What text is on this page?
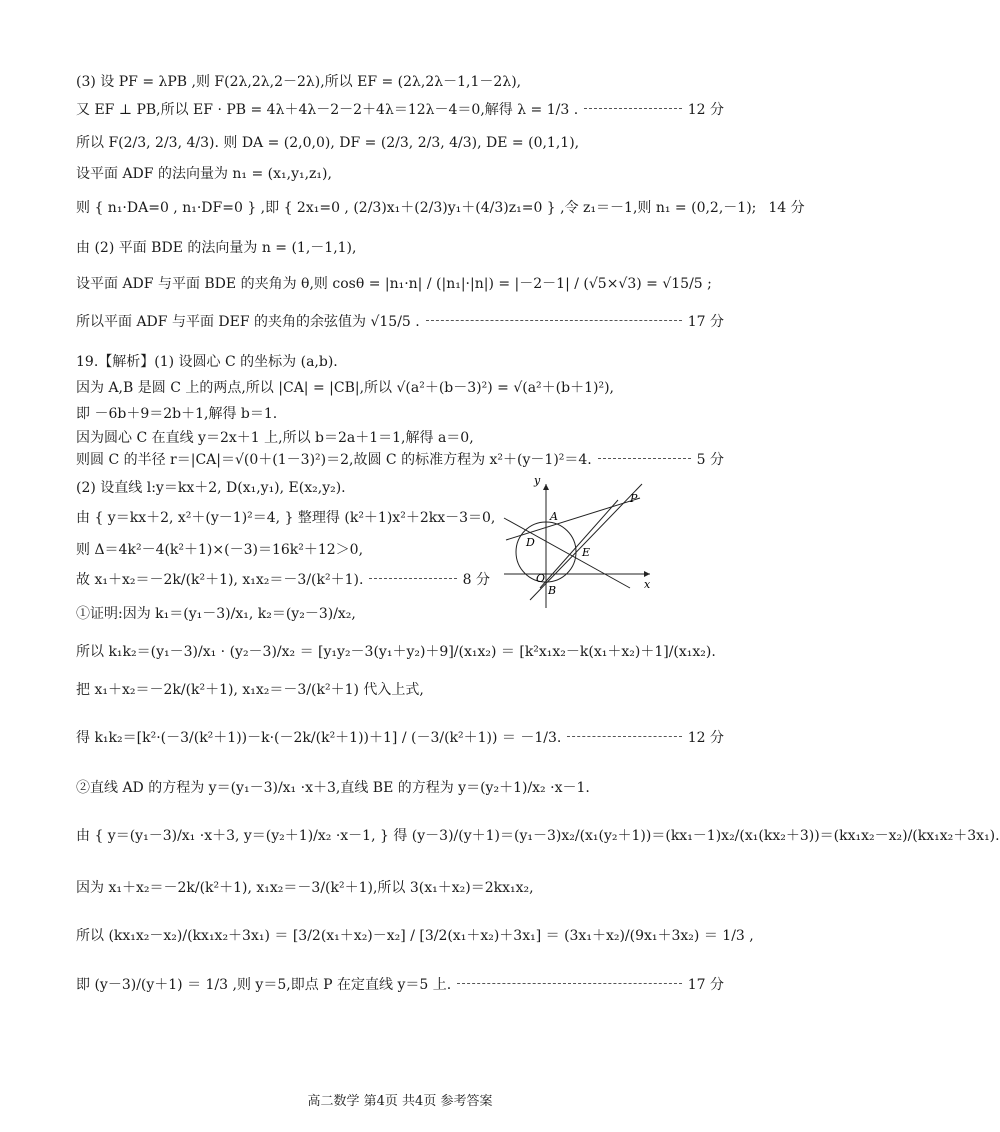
(3) 设 PF = λPB ,则 F(2λ,2λ,2－2λ),所以 EF = (2λ,2λ－1,1－2λ),
又 EF ⊥ PB,所以 EF · PB = 4λ＋4λ－2－2＋4λ＝12λ－4＝0,解得 λ = 1/3 .	12 分
所以 F(2/3, 2/3, 4/3). 则 DA = (2,0,0), DF = (2/3, 2/3, 4/3), DE = (0,1,1),
设平面 ADF 的法向量为 n₁ = (x₁,y₁,z₁),
则 { n₁·DA=0 , n₁·DF=0 } ,即 { 2x₁=0 , (2/3)x₁＋(2/3)y₁＋(4/3)z₁=0 } ,令 z₁＝－1,则 n₁ = (0,2,－1); 14 分
由 (2) 平面 BDE 的法向量为 n = (1,－1,1),
设平面 ADF 与平面 BDE 的夹角为 θ,则 cosθ = |n₁·n| / (|n₁|·|n|) = |－2－1| / (√5×√3) = √15/5 ;
所以平面 ADF 与平面 DEF 的夹角的余弦值为 √15/5 .	17 分
19.【解析】(1) 设圆心 C 的坐标为 (a,b).
因为 A,B 是圆 C 上的两点,所以 |CA| = |CB|,所以 √(a²＋(b－3)²) = √(a²＋(b＋1)²),
即 －6b＋9＝2b＋1,解得 b＝1.
因为圆心 C 在直线 y＝2x＋1 上,所以 b＝2a＋1＝1,解得 a＝0,
则圆 C 的半径 r＝|CA|＝√(0＋(1－3)²)＝2,故圆 C 的标准方程为 x²＋(y－1)²＝4.	5 分
(2) 设直线 l:y＝kx＋2, D(x₁,y₁), E(x₂,y₂).
由 { y＝kx＋2, x²＋(y－1)²＝4, } 整理得 (k²＋1)x²＋2kx－3＝0,
则 Δ＝4k²－4(k²＋1)×(－3)＝16k²＋12＞0,
故 x₁＋x₂＝－2k/(k²＋1), x₁x₂＝－3/(k²＋1).	8 分
①证明:因为 k₁＝(y₁－3)/x₁, k₂＝(y₂－3)/x₂,
所以 k₁k₂＝(y₁－3)/x₁ · (y₂－3)/x₂ ＝ [y₁y₂－3(y₁＋y₂)＋9]/(x₁x₂) ＝ [k²x₁x₂－k(x₁＋x₂)＋1]/(x₁x₂).
把 x₁＋x₂＝－2k/(k²＋1), x₁x₂＝－3/(k²＋1) 代入上式,
得 k₁k₂＝[k²·(－3/(k²＋1))－k·(－2k/(k²＋1))＋1] / (－3/(k²＋1)) ＝ －1/3.	12 分
②直线 AD 的方程为 y＝(y₁－3)/x₁ ·x＋3,直线 BE 的方程为 y＝(y₂＋1)/x₂ ·x－1.
由 { y＝(y₁－3)/x₁ ·x＋3, y＝(y₂＋1)/x₂ ·x－1, } 得 (y－3)/(y＋1)＝(y₁－3)x₂/(x₁(y₂＋1))＝(kx₁－1)x₂/(x₁(kx₂＋3))＝(kx₁x₂－x₂)/(kx₁x₂＋3x₁).
因为 x₁＋x₂＝－2k/(k²＋1), x₁x₂＝－3/(k²＋1),所以 3(x₁＋x₂)＝2kx₁x₂,
所以 (kx₁x₂－x₂)/(kx₁x₂＋3x₁) ＝ [3/2(x₁＋x₂)－x₂] / [3/2(x₁＋x₂)＋3x₁] ＝ (3x₁＋x₂)/(9x₁＋3x₂) ＝ 1/3 ,
即 (y－3)/(y＋1) ＝ 1/3 ,则 y＝5,即点 P 在定直线 y＝5 上.	17 分
y
x
O
A
B
D
E
P
高二数学 第4页 共4页 参考答案
